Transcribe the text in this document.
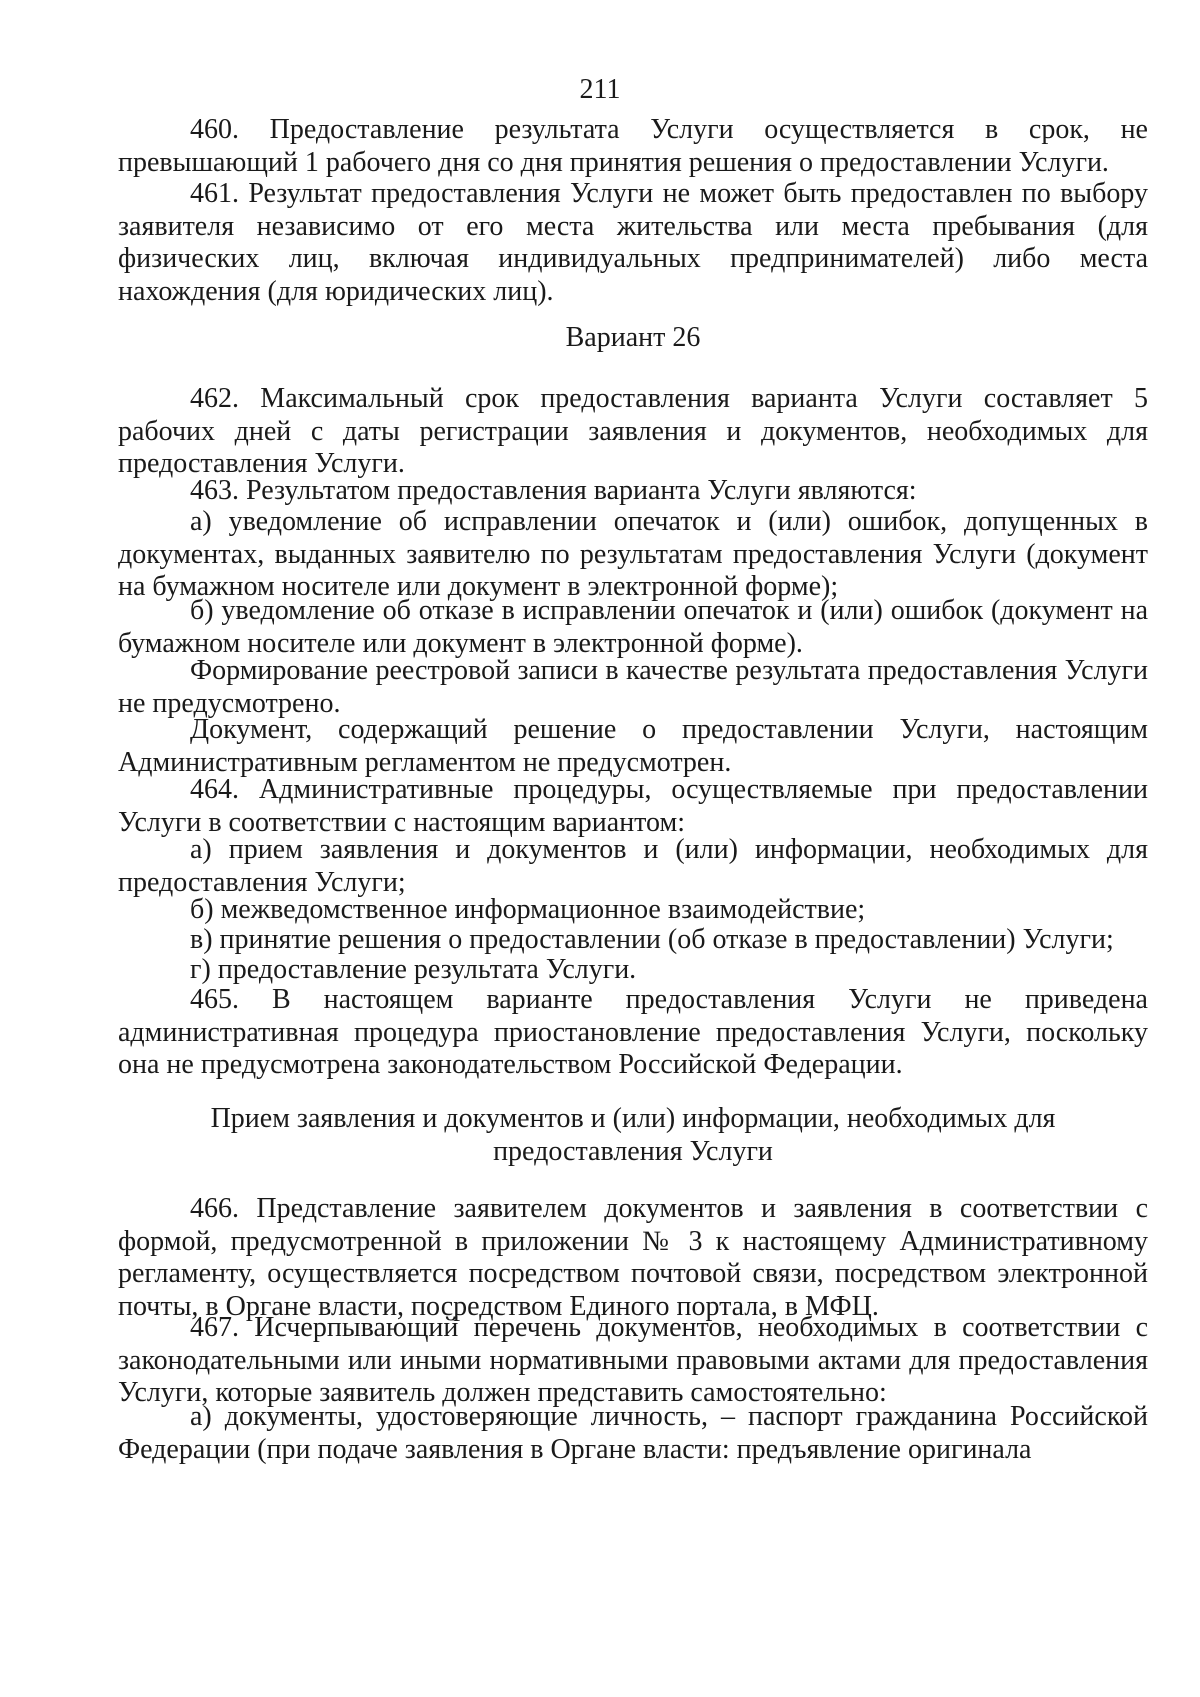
211

460. Предоставление результата Услуги осуществляется в срок, не превышающий 1 рабочего дня со дня принятия решения о предоставлении Услуги.

461. Результат предоставления Услуги не может быть предоставлен по выбору заявителя независимо от его места жительства или места пребывания (для физических лиц, включая индивидуальных предпринимателей) либо места нахождения (для юридических лиц).

Вариант 26

462. Максимальный срок предоставления варианта Услуги составляет 5 рабочих дней с даты регистрации заявления и документов, необходимых для предоставления Услуги.

463. Результатом предоставления варианта Услуги являются:

а) уведомление об исправлении опечаток и (или) ошибок, допущенных в документах, выданных заявителю по результатам предоставления Услуги (документ на бумажном носителе или документ в электронной форме);

б) уведомление об отказе в исправлении опечаток и (или) ошибок (документ на бумажном носителе или документ в электронной форме).

Формирование реестровой записи в качестве результата предоставления Услуги не предусмотрено.

Документ, содержащий решение о предоставлении Услуги, настоящим Административным регламентом не предусмотрен.

464. Административные процедуры, осуществляемые при предоставлении Услуги в соответствии с настоящим вариантом:

а) прием заявления и документов и (или) информации, необходимых для предоставления Услуги;

б) межведомственное информационное взаимодействие;

в) принятие решения о предоставлении (об отказе в предоставлении) Услуги;

г) предоставление результата Услуги.

465. В настоящем варианте предоставления Услуги не приведена административная процедура приостановление предоставления Услуги, поскольку она не предусмотрена законодательством Российской Федерации.

Прием заявления и документов и (или) информации, необходимых для предоставления Услуги

466. Представление заявителем документов и заявления в соответствии с формой, предусмотренной в приложении № 3 к настоящему Административному регламенту, осуществляется посредством почтовой связи, посредством электронной почты, в Органе власти, посредством Единого портала, в МФЦ.

467. Исчерпывающий перечень документов, необходимых в соответствии с законодательными или иными нормативными правовыми актами для предоставления Услуги, которые заявитель должен представить самостоятельно:

а) документы, удостоверяющие личность, – паспорт гражданина Российской Федерации (при подаче заявления в Органе власти: предъявление оригинала
